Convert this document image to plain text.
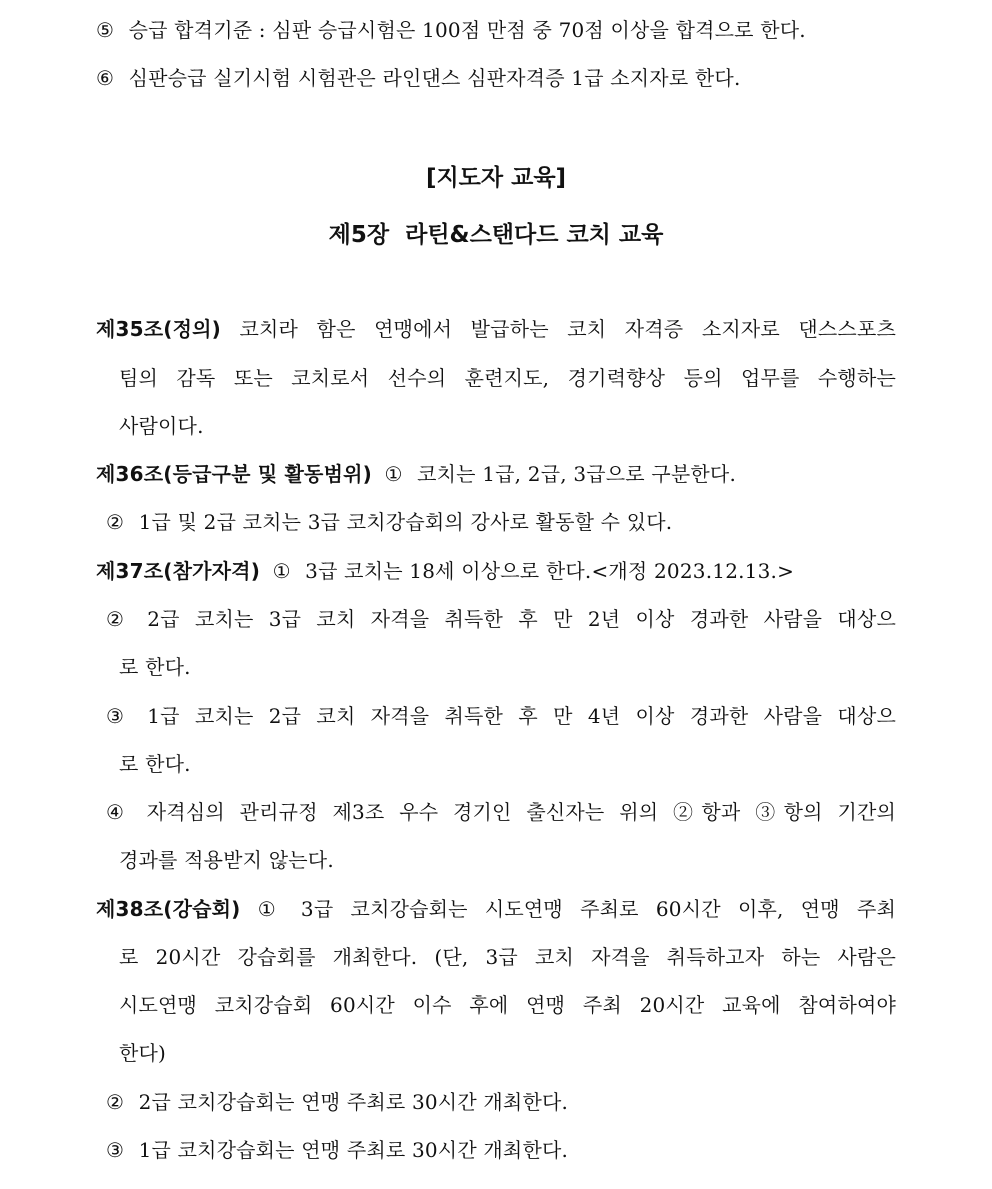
⑤ 승급 합격기준 : 심판 승급시험은 100점 만점 중 70점 이상을 합격으로 한다.
⑥ 심판승급 실기시험 시험관은 라인댄스 심판자격증 1급 소지자로 한다.
[지도자 교육]
제5장  라틴&스탠다드 코치 교육
제35조(정의) 코치라 함은 연맹에서 발급하는 코치 자격증 소지자로 댄스스포츠
팀의 감독 또는 코치로서 선수의 훈련지도, 경기력향상 등의 업무를 수행하는
사람이다.
제36조(등급구분 및 활동범위) ① 코치는 1급, 2급, 3급으로 구분한다.
② 1급 및 2급 코치는 3급 코치강습회의 강사로 활동할 수 있다.
제37조(참가자격) ① 3급 코치는 18세 이상으로 한다.<개정 2023.12.13.>
② 2급 코치는 3급 코치 자격을 취득한 후 만 2년 이상 경과한 사람을 대상으
로 한다.
③ 1급 코치는 2급 코치 자격을 취득한 후 만 4년 이상 경과한 사람을 대상으
로 한다.
④ 자격심의 관리규정 제3조 우수 경기인 출신자는 위의 ②항과 ③항의 기간의
경과를 적용받지 않는다.
제38조(강습회) ① 3급 코치강습회는 시도연맹 주최로 60시간 이후, 연맹 주최
로 20시간 강습회를 개최한다. (단, 3급 코치 자격을 취득하고자 하는 사람은
시도연맹 코치강습회 60시간 이수 후에 연맹 주최 20시간 교육에 참여하여야
한다)
② 2급 코치강습회는 연맹 주최로 30시간 개최한다.
③ 1급 코치강습회는 연맹 주최로 30시간 개최한다.
